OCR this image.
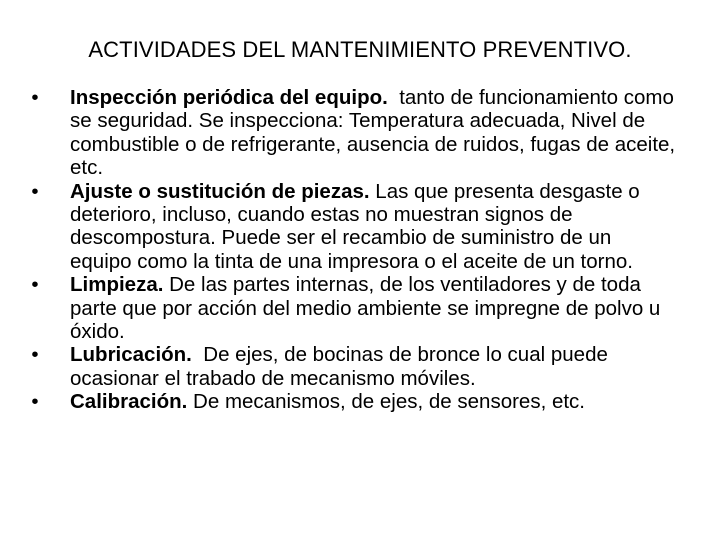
ACTIVIDADES DEL MANTENIMIENTO PREVENTIVO.
• Inspección periódica del equipo.  tanto de funcionamiento como se seguridad. Se inspecciona: Temperatura adecuada, Nivel de combustible o de refrigerante, ausencia de ruidos, fugas de aceite, etc.
• Ajuste o sustitución de piezas. Las que presenta desgaste o deterioro, incluso, cuando estas no muestran signos de descompostura. Puede ser el recambio de suministro de un equipo como la tinta de una impresora o el aceite de un torno.
• Limpieza. De las partes internas, de los ventiladores y de toda parte que por acción del medio ambiente se impregne de polvo u óxido.
• Lubricación.  De ejes, de bocinas de bronce lo cual puede ocasionar el trabado de mecanismo móviles.
• Calibración. De mecanismos, de ejes, de sensores, etc.
